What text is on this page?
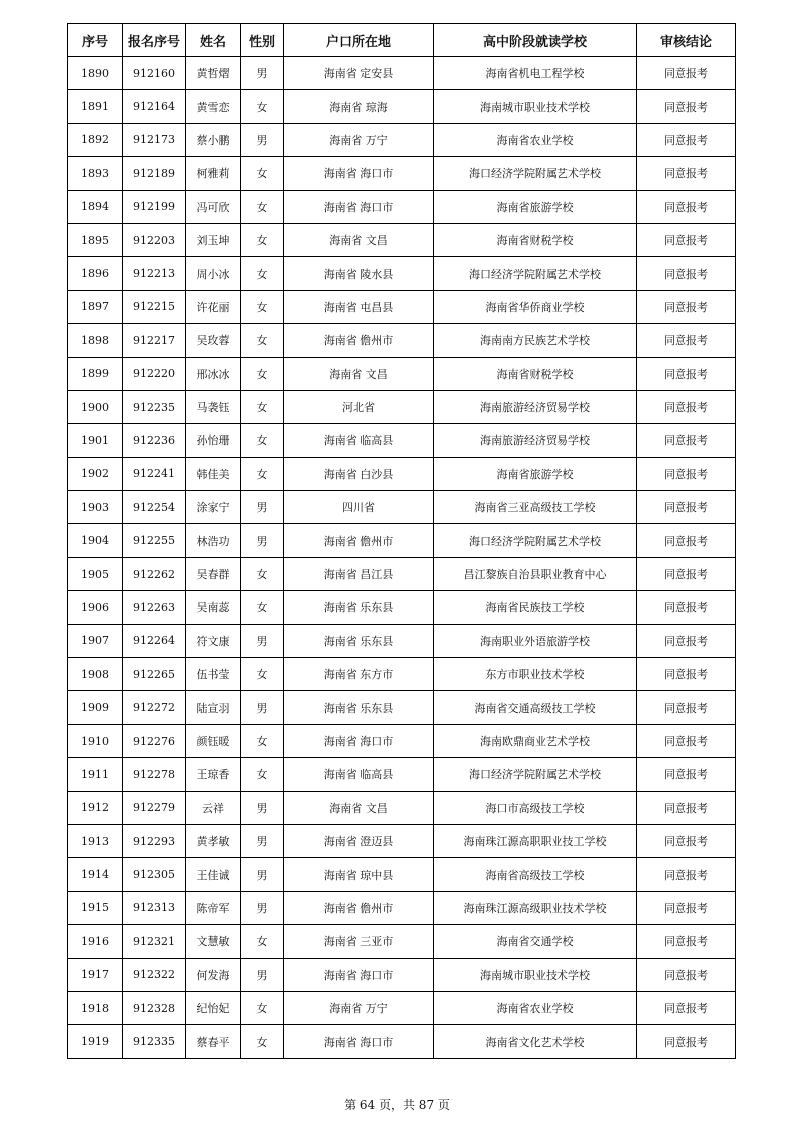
序号	报名序号	姓名	性别	户口所在地	高中阶段就读学校	审核结论
1890	912160	黄哲熠	男	海南省 定安县	海南省机电工程学校	同意报考
1891	912164	黄雪恋	女	海南省 琼海	海南城市职业技术学校	同意报考
1892	912173	蔡小鹏	男	海南省 万宁	海南省农业学校	同意报考
1893	912189	柯雅莉	女	海南省 海口市	海口经济学院附属艺术学校	同意报考
1894	912199	冯可欣	女	海南省 海口市	海南省旅游学校	同意报考
1895	912203	刘玉坤	女	海南省 文昌	海南省财税学校	同意报考
1896	912213	周小冰	女	海南省 陵水县	海口经济学院附属艺术学校	同意报考
1897	912215	许花丽	女	海南省 屯昌县	海南省华侨商业学校	同意报考
1898	912217	吴玫蓉	女	海南省 儋州市	海南南方民族艺术学校	同意报考
1899	912220	邢冰冰	女	海南省 文昌	海南省财税学校	同意报考
1900	912235	马袭钰	女	河北省	海南旅游经济贸易学校	同意报考
1901	912236	孙怡珊	女	海南省 临高县	海南旅游经济贸易学校	同意报考
1902	912241	韩佳美	女	海南省 白沙县	海南省旅游学校	同意报考
1903	912254	涂家宁	男	四川省	海南省三亚高级技工学校	同意报考
1904	912255	林浩功	男	海南省 儋州市	海口经济学院附属艺术学校	同意报考
1905	912262	吴春群	女	海南省 昌江县	昌江黎族自治县职业教育中心	同意报考
1906	912263	吴南蕊	女	海南省 乐东县	海南省民族技工学校	同意报考
1907	912264	符文康	男	海南省 乐东县	海南职业外语旅游学校	同意报考
1908	912265	伍书莹	女	海南省 东方市	东方市职业技术学校	同意报考
1909	912272	陆宣羽	男	海南省 乐东县	海南省交通高级技工学校	同意报考
1910	912276	颜钰暖	女	海南省 海口市	海南欧鼎商业艺术学校	同意报考
1911	912278	王琼香	女	海南省 临高县	海口经济学院附属艺术学校	同意报考
1912	912279	云祥	男	海南省 文昌	海口市高级技工学校	同意报考
1913	912293	黄孝敏	男	海南省 澄迈县	海南珠江源高职职业技工学校	同意报考
1914	912305	王佳诚	男	海南省 琼中县	海南省高级技工学校	同意报考
1915	912313	陈帝军	男	海南省 儋州市	海南珠江源高级职业技术学校	同意报考
1916	912321	文慧敏	女	海南省 三亚市	海南省交通学校	同意报考
1917	912322	何发海	男	海南省 海口市	海南城市职业技术学校	同意报考
1918	912328	纪怡妃	女	海南省 万宁	海南省农业学校	同意报考
1919	912335	蔡春平	女	海南省 海口市	海南省文化艺术学校	同意报考
第 64 页，共 87 页
